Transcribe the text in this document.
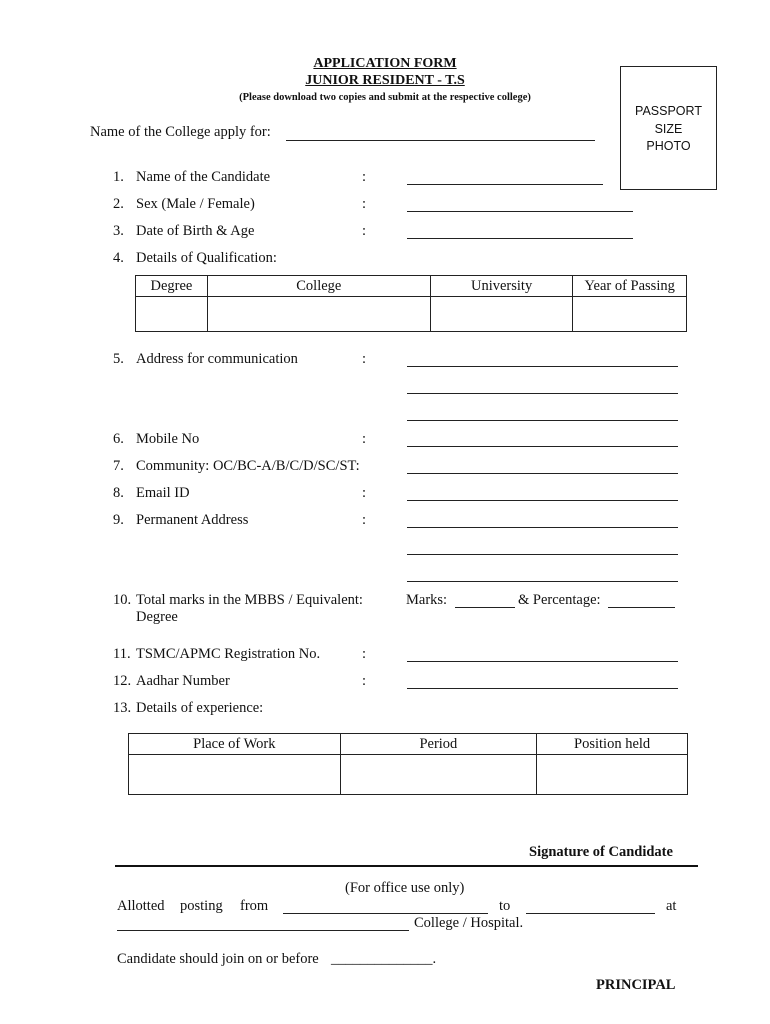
APPLICATION FORM
JUNIOR RESIDENT - T.S
(Please download two copies and submit at the respective college)
PASSPORT
SIZE
PHOTO
Name of the College apply for:
1. Name of the Candidate	:
2. Sex (Male / Female)	:
3. Date of Birth & Age	:
4. Details of Qualification:
Degree	College	University	Year of Passing

5. Address for communication	:
6. Mobile No	:
7. Community: OC/BC-A/B/C/D/SC/ST:
8. Email ID	:
9. Permanent Address	:
10. Total marks in the MBBS / Equivalent:
Degree
Marks:	& Percentage:
11. TSMC/APMC Registration No.	:
12. Aadhar Number	:
13. Details of experience:
Place of Work	Period	Position held

Signature of Candidate
(For office use only)
Allotted posting from	to	at
College / Hospital.
Candidate should join on or before ______________.
PRINCIPAL
